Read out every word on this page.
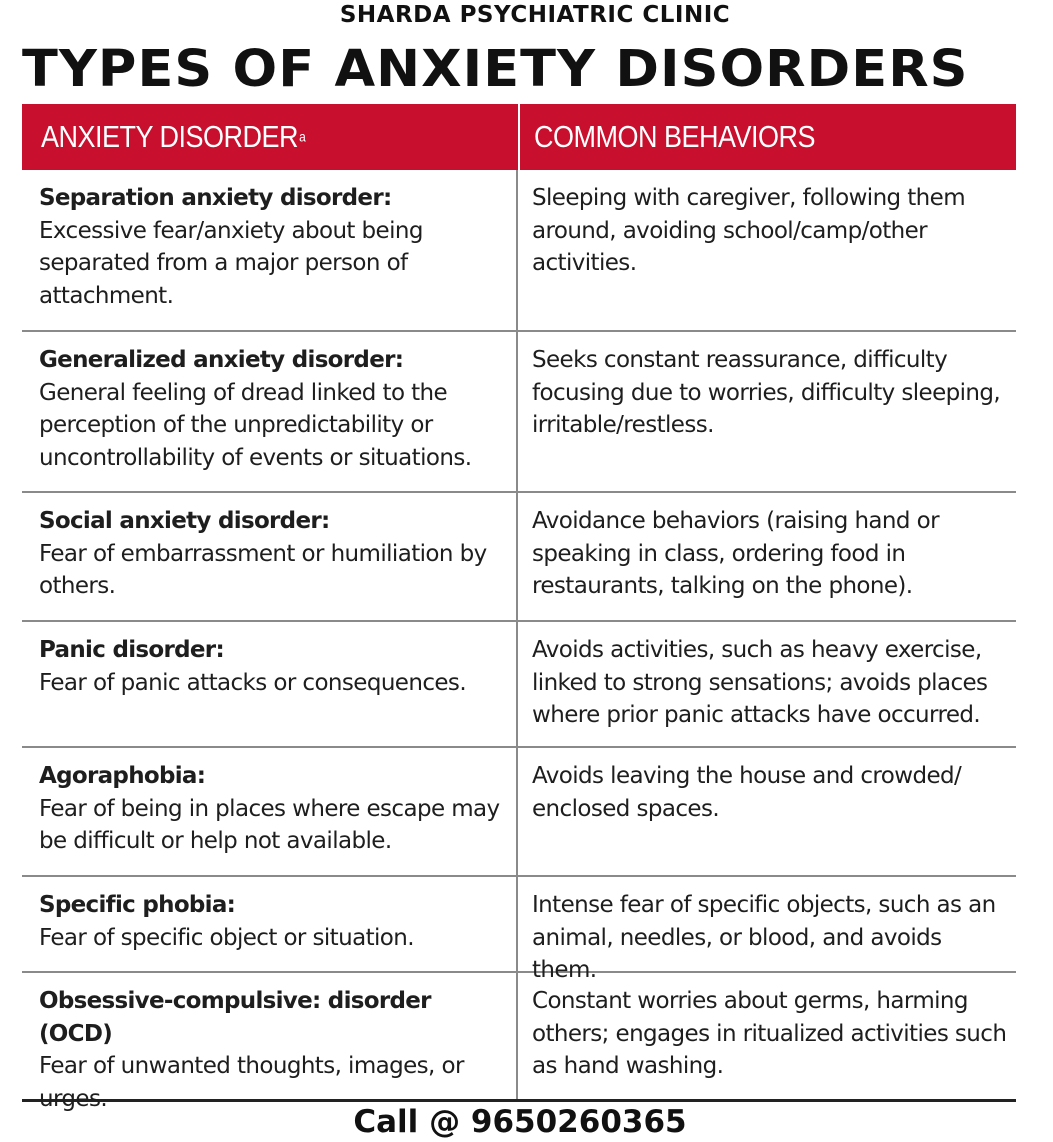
SHARDA PSYCHIATRIC CLINIC
TYPES OF ANXIETY DISORDERS
ANXIETY DISORDER a	COMMON BEHAVIORS
Separation anxiety disorder:
Excessive fear/anxiety about being separated from a major person of attachment.
Sleeping with caregiver, following them around, avoiding school/camp/other activities.
Generalized anxiety disorder:
General feeling of dread linked to the perception of the unpredictability or uncontrollability of events or situations.
Seeks constant reassurance, difficulty focusing due to worries, difficulty sleeping, irritable/restless.
Social anxiety disorder:
Fear of embarrassment or humiliation by others.
Avoidance behaviors (raising hand or speaking in class, ordering food in restaurants, talking on the phone).
Panic disorder:
Fear of panic attacks or consequences.
Avoids activities, such as heavy exercise, linked to strong sensations; avoids places where prior panic attacks have occurred.
Agoraphobia:
Fear of being in places where escape may be difficult or help not available.
Avoids leaving the house and crowded/ enclosed spaces.
Specific phobia:
Fear of specific object or situation.
Intense fear of specific objects, such as an animal, needles, or blood, and avoids them.
Obsessive-compulsive: disorder (OCD)
Fear of unwanted thoughts, images, or urges.
Constant worries about germs, harming others; engages in ritualized activities such as hand washing.
Call @ 9650260365
